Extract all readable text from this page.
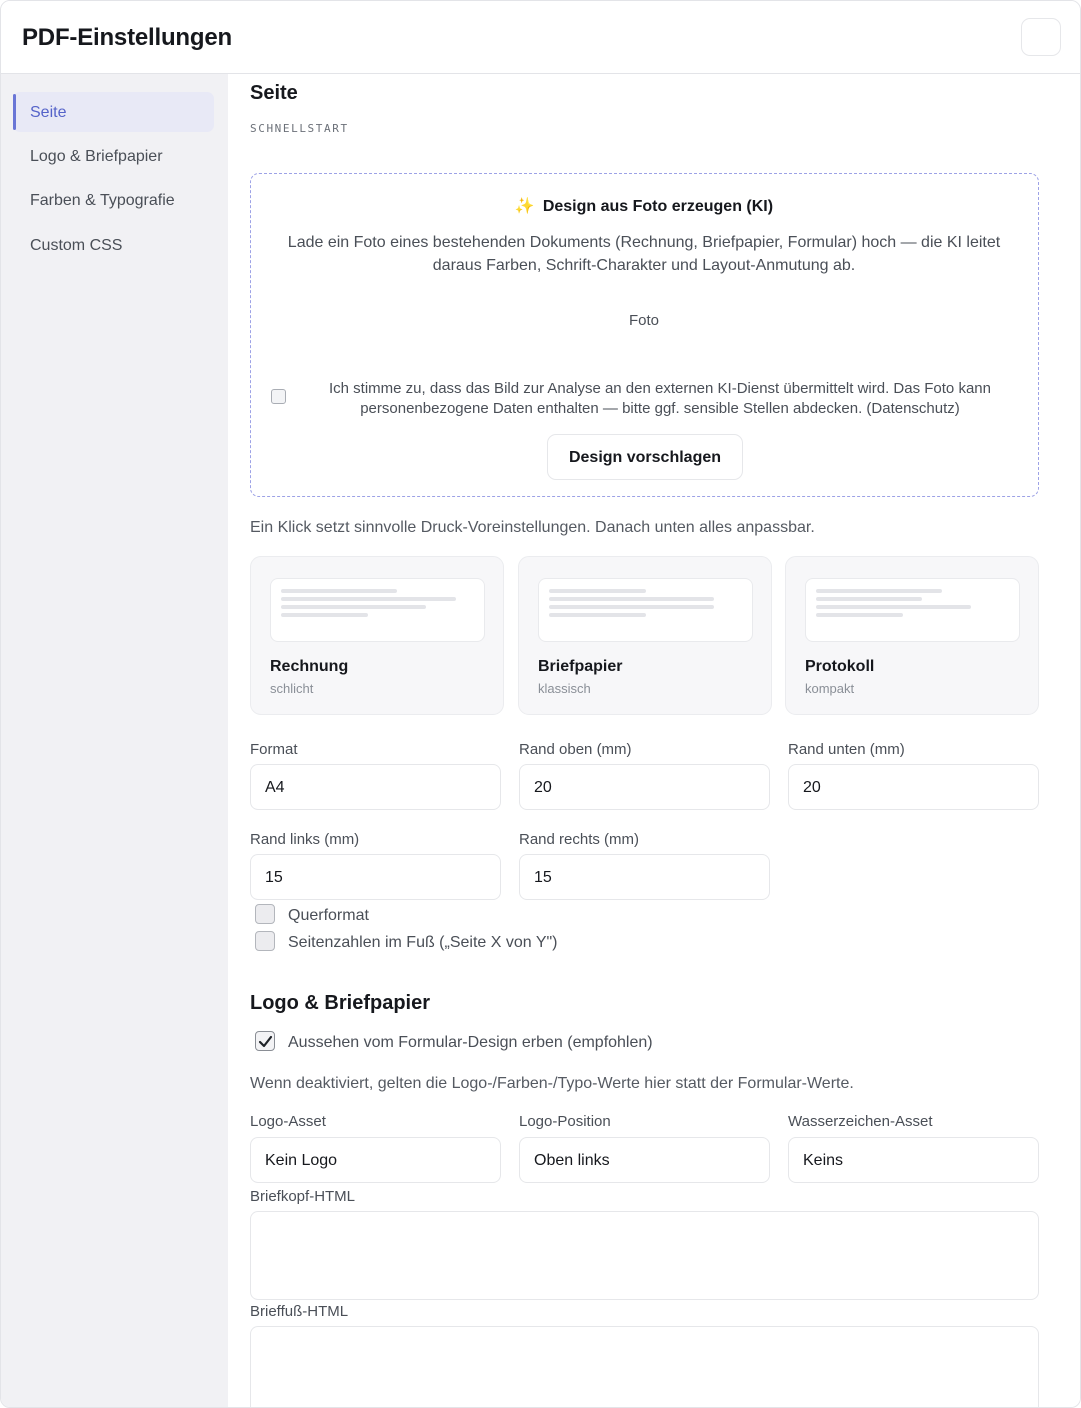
PDF-Einstellungen
Seite
Logo & Briefpapier
Farben & Typografie
Custom CSS
Seite
SCHNELLSTART
✨ Design aus Foto erzeugen (KI)
Lade ein Foto eines bestehenden Dokuments (Rechnung, Briefpapier, Formular) hoch — die KI leitet daraus Farben, Schrift-Charakter und Layout-Anmutung ab.
Foto
Ich stimme zu, dass das Bild zur Analyse an den externen KI-Dienst übermittelt wird. Das Foto kann personenbezogene Daten enthalten — bitte ggf. sensible Stellen abdecken. (Datenschutz)
Design vorschlagen
Ein Klick setzt sinnvolle Druck-Voreinstellungen. Danach unten alles anpassbar.
Rechnung
schlicht
Briefpapier
klassisch
Protokoll
kompakt
Format
A4
Rand oben (mm)
20
Rand unten (mm)
20
Rand links (mm)
15
Rand rechts (mm)
15
Querformat
Seitenzahlen im Fuß („Seite X von Y")
Logo & Briefpapier
Aussehen vom Formular-Design erben (empfohlen)
Wenn deaktiviert, gelten die Logo-/Farben-/Typo-Werte hier statt der Formular-Werte.
Logo-Asset
Kein Logo
Logo-Position
Oben links
Wasserzeichen-Asset
Keins
Briefkopf-HTML
Brieffuß-HTML
